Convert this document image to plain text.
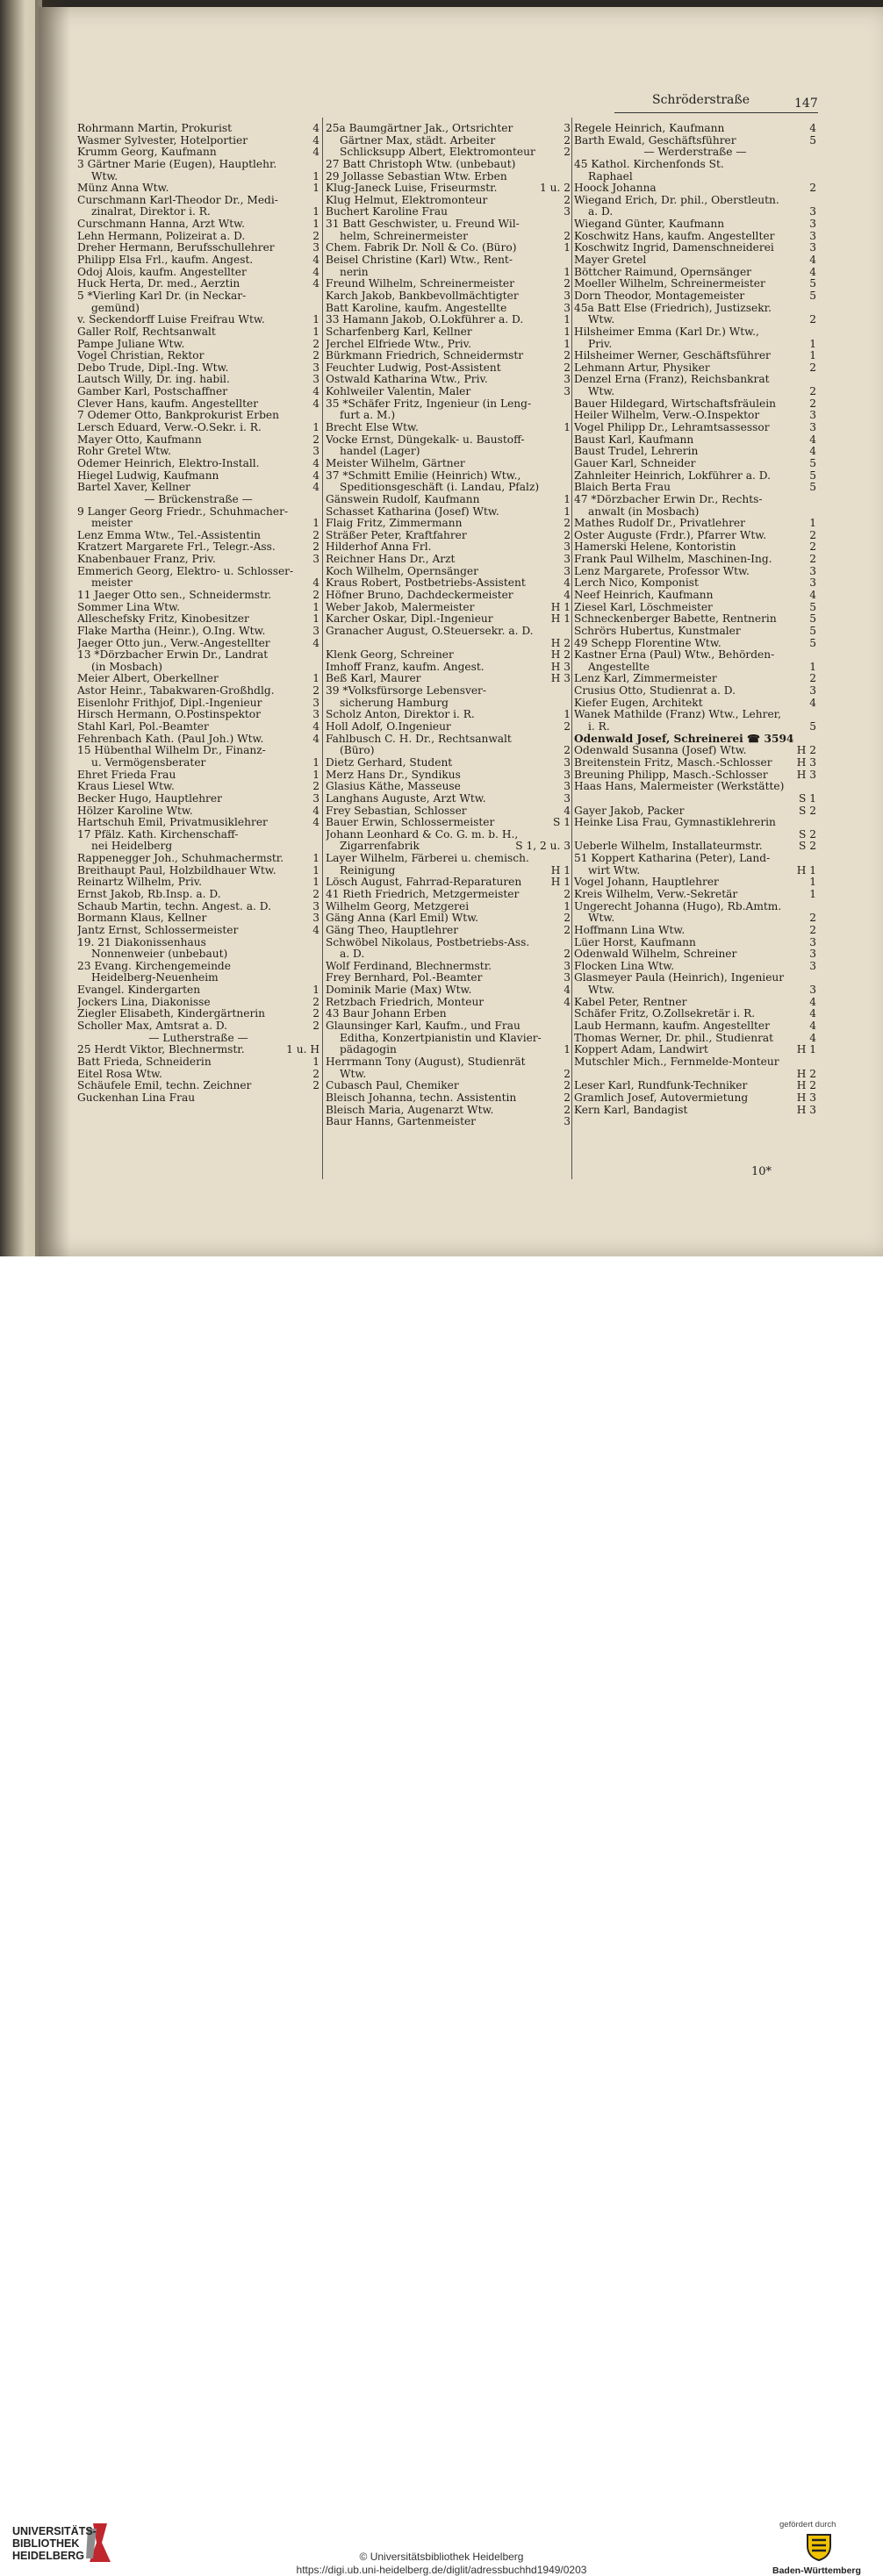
Schröderstraße	147
Rohrmann Martin, Prokurist	4
Wasmer Sylvester, Hotelportier	4
Krumm Georg, Kaufmann	4
3 Gärtner Marie (Eugen), Hauptlehr.
Wtw.	1
Münz Anna Wtw.	1
Curschmann Karl-Theodor Dr., Medi-
zinalrat, Direktor i. R.	1
Curschmann Hanna, Arzt Wtw.	1
Lehn Hermann, Polizeirat a. D.	2
Dreher Hermann, Berufsschullehrer	3
Philipp Elsa Frl., kaufm. Angest.	4
Odoj Alois, kaufm. Angestellter	4
Huck Herta, Dr. med., Aerztin	4
5 *Vierling Karl Dr. (in Neckar-
gemünd)
v. Seckendorff Luise Freifrau Wtw.	1
Galler Rolf, Rechtsanwalt	1
Pampe Juliane Wtw.	2
Vogel Christian, Rektor	2
Debo Trude, Dipl.-Ing. Wtw.	3
Lautsch Willy, Dr. ing. habil.	3
Gamber Karl, Postschaffner	4
Clever Hans, kaufm. Angestellter	4
7 Odemer Otto, Bankprokurist Erben
Lersch Eduard, Verw.-O.Sekr. i. R.	1
Mayer Otto, Kaufmann	2
Rohr Gretel Wtw.	3
Odemer Heinrich, Elektro-Install.	4
Hiegel Ludwig, Kaufmann	4
Bartel Xaver, Kellner	4
— Brückenstraße —
9 Langer Georg Friedr., Schuhmacher-
meister	1
Lenz Emma Wtw., Tel.-Assistentin	2
Kratzert Margarete Frl., Telegr.-Ass.	2
Knabenbauer Franz, Priv.	3
Emmerich Georg, Elektro- u. Schlosser-
meister	4
11 Jaeger Otto sen., Schneidermstr.	2
Sommer Lina Wtw.	1
Alleschefsky Fritz, Kinobesitzer	1
Flake Martha (Heinr.), O.Ing. Wtw.	3
Jaeger Otto jun., Verw.-Angestellter	4
13 *Dörzbacher Erwin Dr., Landrat
(in Mosbach)
Meier Albert, Oberkellner	1
Astor Heinr., Tabakwaren-Großhdlg.	2
Eisenlohr Frithjof, Dipl.-Ingenieur	3
Hirsch Hermann, O.Postinspektor	3
Stahl Karl, Pol.-Beamter	4
Fehrenbach Kath. (Paul Joh.) Wtw.	4
15 Hübenthal Wilhelm Dr., Finanz-
u. Vermögensberater	1
Ehret Frieda Frau	1
Kraus Liesel Wtw.	2
Becker Hugo, Hauptlehrer	3
Hölzer Karoline Wtw.	4
Hartschuh Emil, Privatmusiklehrer	4
17 Pfälz. Kath. Kirchenschaff-
nei Heidelberg
Rappenegger Joh., Schuhmachermstr.	1
Breithaupt Paul, Holzbildhauer Wtw.	1
Reinartz Wilhelm, Priv.	1
Ernst Jakob, Rb.Insp. a. D.	2
Schaub Martin, techn. Angest. a. D.	3
Bormann Klaus, Kellner	3
Jantz Ernst, Schlossermeister	4
19. 21 Diakonissenhaus
Nonnenweier (unbebaut)
23 Evang. Kirchengemeinde
Heidelberg-Neuenheim
Evangel. Kindergarten	1
Jockers Lina, Diakonisse	2
Ziegler Elisabeth, Kindergärtnerin	2
Scholler Max, Amtsrat a. D.	2
— Lutherstraße —
25 Herdt Viktor, Blechnermstr.	1 u. H
Batt Frieda, Schneiderin	1
Eitel Rosa Wtw.	2
Schäufele Emil, techn. Zeichner	2
Guckenhan Lina Frau
25a Baumgärtner Jak., Ortsrichter	3
Gärtner Max, städt. Arbeiter	2
Schlicksupp Albert, Elektromonteur	2
27 Batt Christoph Wtw. (unbebaut)
29 Jollasse Sebastian Wtw. Erben
Klug-Janeck Luise, Friseurmstr.	1 u. 2
Klug Helmut, Elektromonteur	2
Buchert Karoline Frau	3
31 Batt Geschwister, u. Freund Wil-
helm, Schreinermeister	2
Chem. Fabrik Dr. Noll & Co. (Büro)	1
Beisel Christine (Karl) Wtw., Rent-
nerin	1
Freund Wilhelm, Schreinermeister	2
Karch Jakob, Bankbevollmächtigter	3
Batt Karoline, kaufm. Angestellte	3
33 Hamann Jakob, O.Lokführer a. D.	1
Scharfenberg Karl, Kellner	1
Jerchel Elfriede Wtw., Priv.	1
Bürkmann Friedrich, Schneidermstr	2
Feuchter Ludwig, Post-Assistent	2
Ostwald Katharina Wtw., Priv.	3
Kohlweiler Valentin, Maler	3
35 *Schäfer Fritz, Ingenieur (in Leng-
furt a. M.)
Brecht Else Wtw.	1
Vocke Ernst, Düngekalk- u. Baustoff-
handel (Lager)
Meister Wilhelm, Gärtner
37 *Schmitt Emilie (Heinrich) Wtw.,
Speditionsgeschäft (i. Landau, Pfalz)
Gänswein Rudolf, Kaufmann	1
Schasset Katharina (Josef) Wtw.	1
Flaig Fritz, Zimmermann	2
Sträßer Peter, Kraftfahrer	2
Hilderhof Anna Frl.	3
Reichner Hans Dr., Arzt	3
Koch Wilhelm, Opernsänger	3
Kraus Robert, Postbetriebs-Assistent	4
Höfner Bruno, Dachdeckermeister	4
Weber Jakob, Malermeister	H 1
Karcher Oskar, Dipl.-Ingenieur	H 1
Granacher August, O.Steuersekr. a. D.
H 2
Klenk Georg, Schreiner	H 2
Imhoff Franz, kaufm. Angest.	H 3
Beß Karl, Maurer	H 3
39 *Volksfürsorge Lebensver-
sicherung Hamburg
Scholz Anton, Direktor i. R.	1
Holl Adolf, O.Ingenieur	2
Fahlbusch C. H. Dr., Rechtsanwalt
(Büro)	2
Dietz Gerhard, Student	3
Merz Hans Dr., Syndikus	3
Glasius Käthe, Masseuse	3
Langhans Auguste, Arzt Wtw.	3
Frey Sebastian, Schlosser	4
Bauer Erwin, Schlossermeister	S 1
Johann Leonhard & Co. G. m. b. H.,
Zigarrenfabrik	S 1, 2 u. 3
Layer Wilhelm, Färberei u. chemisch.
Reinigung	H 1
Lösch August, Fahrrad-Reparaturen	H 1
41 Rieth Friedrich, Metzgermeister	2
Wilhelm Georg, Metzgerei	1
Gäng Anna (Karl Emil) Wtw.	2
Gäng Theo, Hauptlehrer	2
Schwöbel Nikolaus, Postbetriebs-Ass.
a. D.	2
Wolf Ferdinand, Blechnermstr.	3
Frey Bernhard, Pol.-Beamter	3
Dominik Marie (Max) Wtw.	4
Retzbach Friedrich, Monteur	4
43 Baur Johann Erben
Glaunsinger Karl, Kaufm., und Frau
Editha, Konzertpianistin und Klavier-
pädagogin	1
Herrmann Tony (August), Studienrät
Wtw.	2
Cubasch Paul, Chemiker	2
Bleisch Johanna, techn. Assistentin	2
Bleisch Maria, Augenarzt Wtw.	2
Baur Hanns, Gartenmeister	3
Regele Heinrich, Kaufmann	4
Barth Ewald, Geschäftsführer	5
— Werderstraße —
45 Kathol. Kirchenfonds St.
Raphael
Hoock Johanna	2
Wiegand Erich, Dr. phil., Oberstleutn.
a. D.	3
Wiegand Günter, Kaufmann	3
Koschwitz Hans, kaufm. Angestellter	3
Koschwitz Ingrid, Damenschneiderei	3
Mayer Gretel	4
Böttcher Raimund, Opernsänger	4
Moeller Wilhelm, Schreinermeister	5
Dorn Theodor, Montagemeister	5
45a Batt Else (Friedrich), Justizsekr.
Wtw.	2
Hilsheimer Emma (Karl Dr.) Wtw.,
Priv.	1
Hilsheimer Werner, Geschäftsführer	1
Lehmann Artur, Physiker	2
Denzel Erna (Franz), Reichsbankrat
Wtw.	2
Bauer Hildegard, Wirtschaftsfräulein	2
Heiler Wilhelm, Verw.-O.Inspektor	3
Vogel Philipp Dr., Lehramtsassessor	3
Baust Karl, Kaufmann	4
Baust Trudel, Lehrerin	4
Gauer Karl, Schneider	5
Zahnleiter Heinrich, Lokführer a. D.	5
Blaich Berta Frau	5
47 *Dörzbacher Erwin Dr., Rechts-
anwalt (in Mosbach)
Mathes Rudolf Dr., Privatlehrer	1
Oster Auguste (Frdr.), Pfarrer Wtw.	2
Hamerski Helene, Kontoristin	2
Frank Paul Wilhelm, Maschinen-Ing.	2
Lenz Margarete, Professor Wtw.	3
Lerch Nico, Komponist	3
Neef Heinrich, Kaufmann	4
Ziesel Karl, Löschmeister	5
Schneckenberger Babette, Rentnerin	5
Schrörs Hubertus, Kunstmaler	5
49 Schepp Florentine Wtw.	5
Kastner Erna (Paul) Wtw., Behörden-
Angestellte	1
Lenz Karl, Zimmermeister	2
Crusius Otto, Studienrat a. D.	3
Kiefer Eugen, Architekt	4
Wanek Mathilde (Franz) Wtw., Lehrer,
i. R.	5
Odenwald Josef, Schreinerei ☎ 3594
Odenwald Susanna (Josef) Wtw.	H 2
Breitenstein Fritz, Masch.-Schlosser	H 3
Breuning Philipp, Masch.-Schlosser	H 3
Haas Hans, Malermeister (Werkstätte)
S 1
Gayer Jakob, Packer	S 2
Heinke Lisa Frau, Gymnastiklehrerin
S 2
Ueberle Wilhelm, Installateurmstr.	S 2
51 Koppert Katharina (Peter), Land-
wirt Wtw.	H 1
Vogel Johann, Hauptlehrer	1
Kreis Wilhelm, Verw.-Sekretär	1
Ungerecht Johanna (Hugo), Rb.Amtm.
Wtw.	2
Hoffmann Lina Wtw.	2
Lüer Horst, Kaufmann	3
Odenwald Wilhelm, Schreiner	3
Flocken Lina Wtw.	3
Glasmeyer Paula (Heinrich), Ingenieur
Wtw.	3
Kabel Peter, Rentner	4
Schäfer Fritz, O.Zollsekretär i. R.	4
Laub Hermann, kaufm. Angestellter	4
Thomas Werner, Dr. phil., Studienrat	4
Koppert Adam, Landwirt	H 1
Mutschler Mich., Fernmelde-Monteur
H 2
Leser Karl, Rundfunk-Techniker	H 2
Gramlich Josef, Autovermietung	H 3
Kern Karl, Bandagist	H 3
10*
UNIVERSITÄTS-
BIBLIOTHEK
HEIDELBERG	© Universitätsbibliothek Heidelberg
https://digi.ub.uni-heidelberg.de/diglit/adressbuchhd1949/0203
gefördert durch
Baden-Württemberg
